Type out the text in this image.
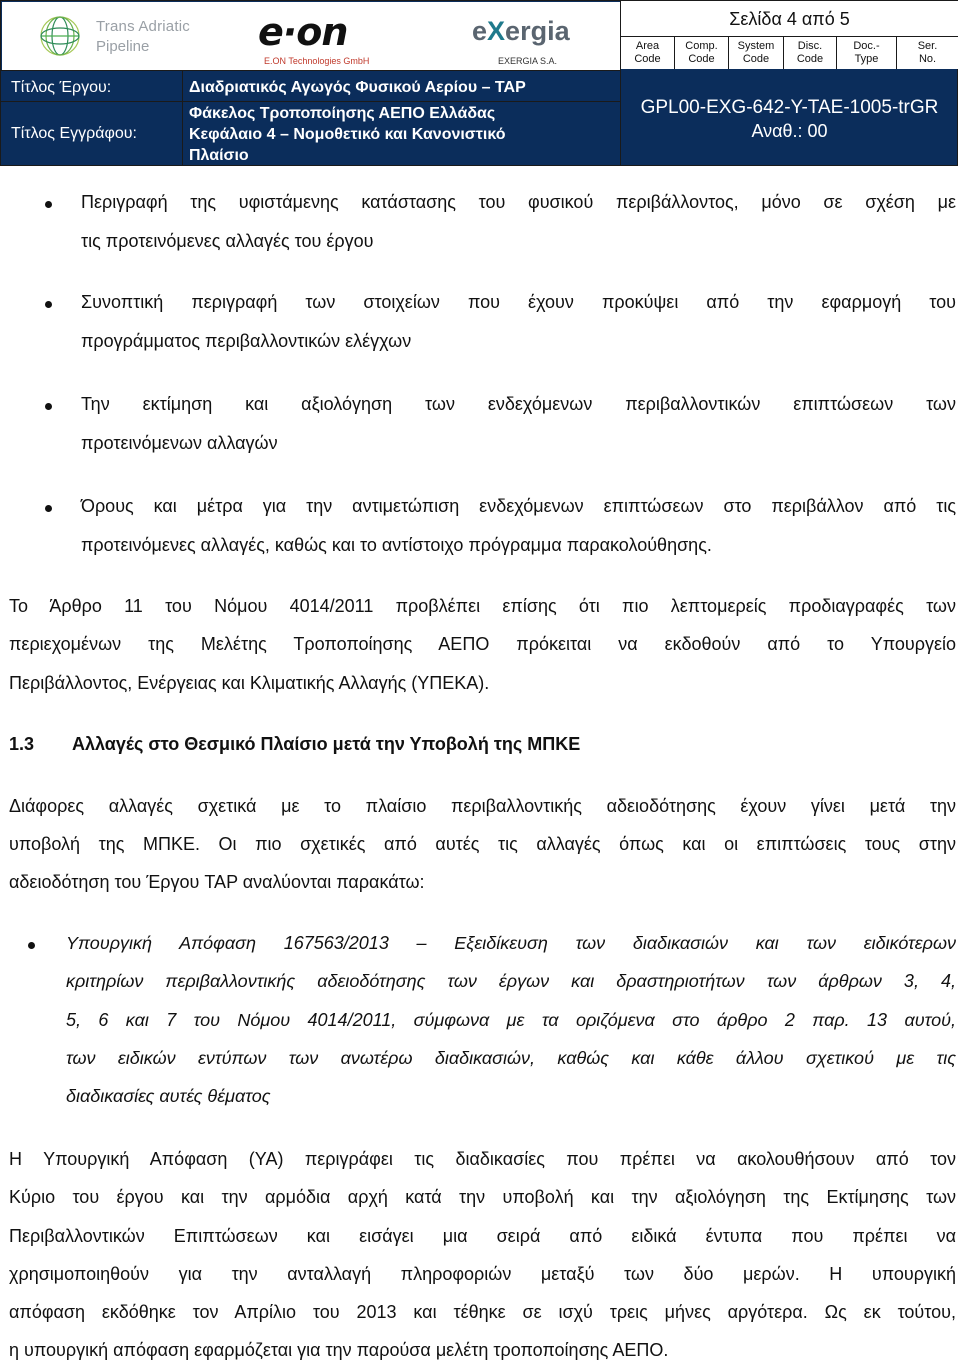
Trans Adriatic
Pipeline	e·on
E.ON Technologies GmbH
eXergia
EXERGIA S.A.
Τίτλος Έργου:	Διαδριατικός Αγωγός Φυσικού Αερίου – TAP
Τίτλος Εγγράφου:
Φάκελος Τροποποίησης ΑΕΠΟ Ελλάδας
Κεφάλαιο 4 – Νομοθετικό και Κανονιστικό
Πλαίσιο
Σελίδα 4 από 5
Area
Code
Comp.
Code
System
Code
Disc.
Code
Doc.-
Type
Ser.
No.
GPL00-EXG-642-Y-TAE-1005-trGR
Αναθ.: 00
Περιγραφή της υφιστάμενης κατάστασης του φυσικού περιβάλλοντος, μόνο σε σχέση με
τις προτεινόμενες αλλαγές του έργου
Συνοπτική περιγραφή των στοιχείων που έχουν προκύψει από την εφαρμογή του
προγράμματος περιβαλλοντικών ελέγχων
Την εκτίμηση και αξιολόγηση των ενδεχόμενων περιβαλλοντικών επιπτώσεων των
προτεινόμενων αλλαγών
Όρους και μέτρα για την αντιμετώπιση ενδεχόμενων επιπτώσεων στο περιβάλλον από τις
προτεινόμενες αλλαγές, καθώς και το αντίστοιχο πρόγραμμα παρακολούθησης.
Το Άρθρο 11 του Νόμου 4014/2011 προβλέπει επίσης ότι πιο λεπτομερείς προδιαγραφές των
περιεχομένων της Μελέτης Τροποποίησης ΑΕΠΟ πρόκειται να εκδοθούν από το Υπουργείο
Περιβάλλοντος, Ενέργειας και Κλιματικής Αλλαγής (ΥΠΕΚΑ).
1.3 Αλλαγές στο Θεσμικό Πλαίσιο μετά την Υποβολή της ΜΠΚΕ
Διάφορες αλλαγές σχετικά με το πλαίσιο περιβαλλοντικής αδειοδότησης έχουν γίνει μετά την
υποβολή της ΜΠΚΕ. Οι πιο σχετικές από αυτές τις αλλαγές όπως και οι επιπτώσεις τους στην
αδειοδότηση του Έργου TAP αναλύονται παρακάτω:
Υπουργική Απόφαση 167563/2013 – Εξειδίκευση των διαδικασιών και των ειδικότερων
κριτηρίων περιβαλλοντικής αδειοδότησης των έργων και δραστηριοτήτων των άρθρων 3, 4,
5, 6 και 7 του Νόμου 4014/2011, σύμφωνα με τα οριζόμενα στο άρθρο 2 παρ. 13 αυτού,
των ειδικών εντύπων των ανωτέρω διαδικασιών, καθώς και κάθε άλλου σχετικού με τις
διαδικασίες αυτές θέματος
Η Υπουργική Απόφαση (ΥΑ) περιγράφει τις διαδικασίες που πρέπει να ακολουθήσουν από τον
Κύριο του έργου και την αρμόδια αρχή κατά την υποβολή και την αξιολόγηση της Εκτίμησης των
Περιβαλλοντικών Επιπτώσεων και εισάγει μια σειρά από ειδικά έντυπα που πρέπει να
χρησιμοποιηθούν για την ανταλλαγή πληροφοριών μεταξύ των δύο μερών. Η υπουργική
απόφαση εκδόθηκε τον Απρίλιο του 2013 και τέθηκε σε ισχύ τρεις μήνες αργότερα. Ως εκ τούτου,
η υπουργική απόφαση εφαρμόζεται για την παρούσα μελέτη τροποποίησης ΑΕΠΟ.
